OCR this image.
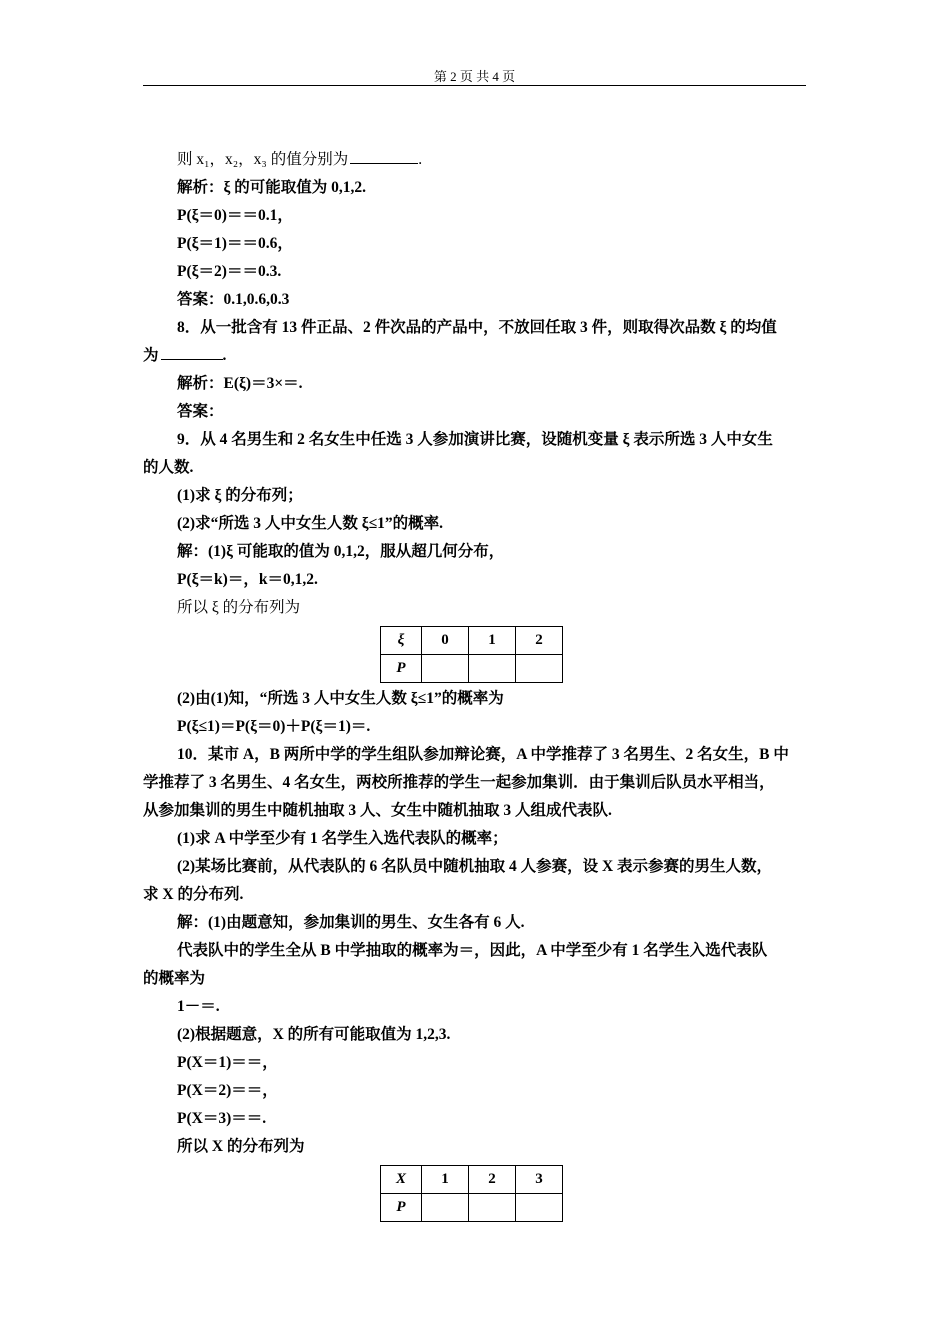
第 2 页 共 4 页
则 x₁，x₂，x₃ 的值分别为	.
解析：ξ 的可能取值为 0,1,2.
P(ξ＝0)＝＝0.1，
P(ξ＝1)＝＝0.6，
P(ξ＝2)＝＝0.3.
答案：0.1,0.6,0.3
8．从一批含有 13 件正品、2 件次品的产品中，不放回任取 3 件，则取得次品数 ξ 的均值
为	.
解析：E(ξ)＝3×＝.
答案：
9．从 4 名男生和 2 名女生中任选 3 人参加演讲比赛，设随机变量 ξ 表示所选 3 人中女生
的人数.
(1)求 ξ 的分布列；
(2)求“所选 3 人中女生人数 ξ≤1”的概率.
解：(1)ξ 可能取的值为 0,1,2，服从超几何分布，
P(ξ＝k)＝，k＝0,1,2.
所以 ξ 的分布列为
ξ	0	1	2
P			
(2)由(1)知，“所选 3 人中女生人数 ξ≤1”的概率为
P(ξ≤1)＝P(ξ＝0)＋P(ξ＝1)＝.
10．某市 A，B 两所中学的学生组队参加辩论赛，A 中学推荐了 3 名男生、2 名女生，B 中
学推荐了 3 名男生、4 名女生，两校所推荐的学生一起参加集训．由于集训后队员水平相当，
从参加集训的男生中随机抽取 3 人、女生中随机抽取 3 人组成代表队.
(1)求 A 中学至少有 1 名学生入选代表队的概率；
(2)某场比赛前，从代表队的 6 名队员中随机抽取 4 人参赛，设 X 表示参赛的男生人数，
求 X 的分布列.
解：(1)由题意知，参加集训的男生、女生各有 6 人.
代表队中的学生全从 B 中学抽取的概率为＝，因此，A 中学至少有 1 名学生入选代表队
的概率为
1－＝.
(2)根据题意，X 的所有可能取值为 1,2,3.
P(X＝1)＝＝，
P(X＝2)＝＝，
P(X＝3)＝＝.
所以 X 的分布列为
X	1	2	3
P			
